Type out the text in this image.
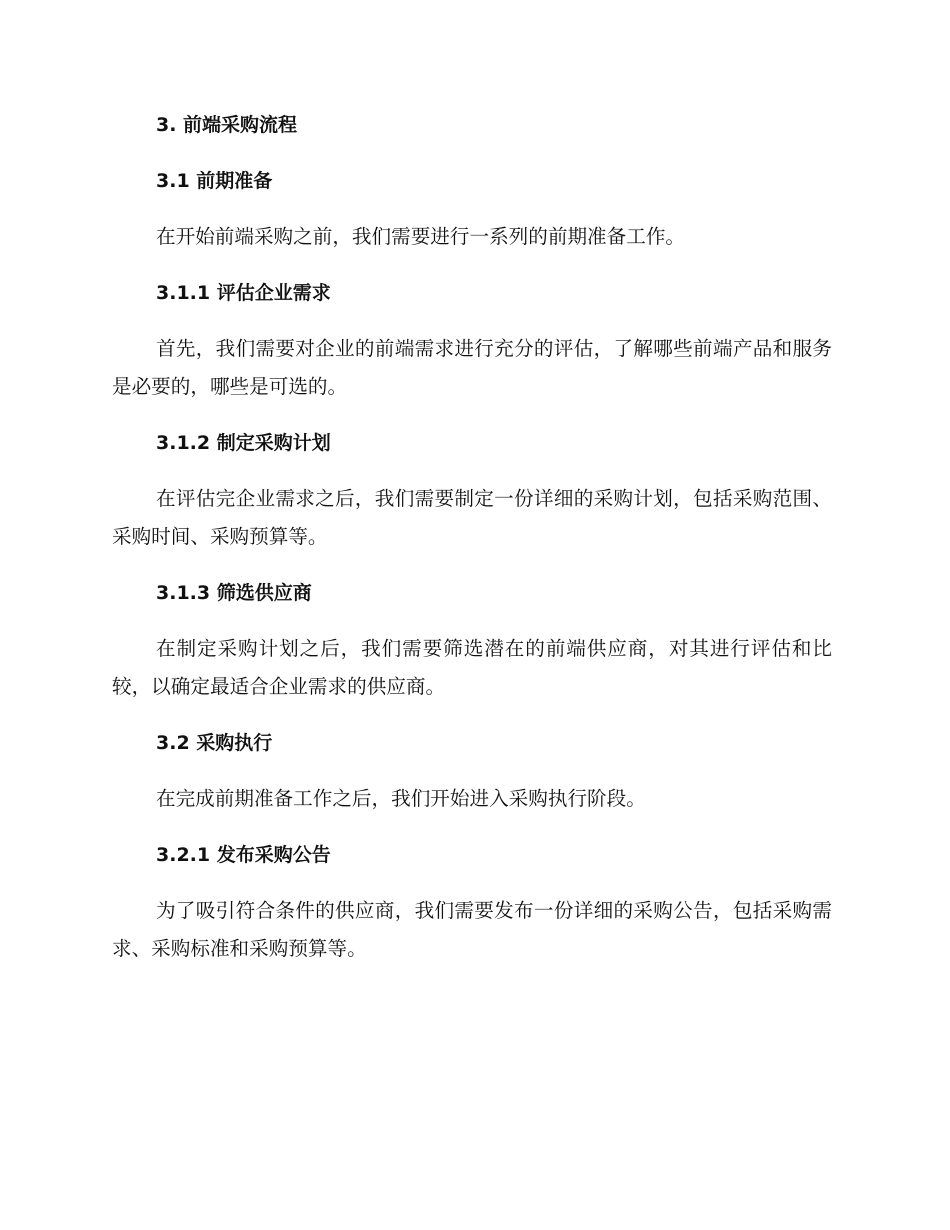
3. 前端采购流程
3.1 前期准备
在开始前端采购之前，我们需要进行一系列的前期准备工作。
3.1.1 评估企业需求
首先，我们需要对企业的前端需求进行充分的评估，了解哪些前端产品和服务是必要的，哪些是可选的。
3.1.2 制定采购计划
在评估完企业需求之后，我们需要制定一份详细的采购计划，包括采购范围、采购时间、采购预算等。
3.1.3 筛选供应商
在制定采购计划之后，我们需要筛选潜在的前端供应商，对其进行评估和比较，以确定最适合企业需求的供应商。
3.2 采购执行
在完成前期准备工作之后，我们开始进入采购执行阶段。
3.2.1 发布采购公告
为了吸引符合条件的供应商，我们需要发布一份详细的采购公告，包括采购需求、采购标准和采购预算等。
